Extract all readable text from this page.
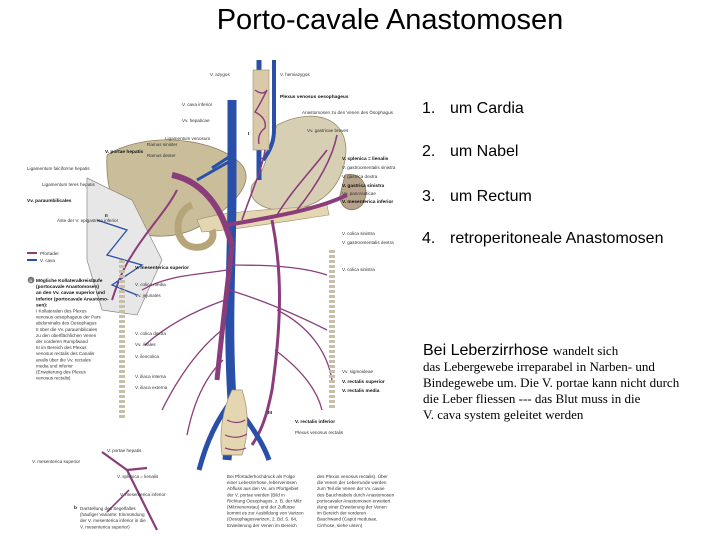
Porto-cavale Anastomosen
I
II
III
V. azygos	V. hemiazygos
V. cava inferior
Vv. hepaticae
Plexus venosus oesophageus
Anastomosen zu den Venen des Ösophagus
Vv. gastricae breves
Ligamentum venosum
V. portae hepatis
Ramus sinister
Ramus dexter
Ligamentum falciforme hepatis
Ligamentum teres hepatis
Vv. paraumbilicales
V. splenica = lienalis
V. gastroomentalis sinistra
V. gastrica dextra
V. gastrica sinistra
Vv. pancreaticae
V. mesenterica inferior
Äste der V. epigastrica inferior
V. colica sinistra
V. gastroomentalis dextra
V. colica sinistra
Pfortader
V. cava
V. mesenterica superior
V. colica media
Vv. jejunales
V. colica dextra
Vv. ileales
V. ileocolica
Vv. sigmoideae
V. iliaca interna
V. rectalis superior
V. iliaca externa
V. rectalis media
V. rectalis inferior
Plexus venosus rectalis
a Mögliche Kollateralkreisläufe
(portocavale Anastomosen)
an den Vv. cavae superior und
inferior (portocavale Anastomo-
sen):
I Kollateralen des Plexus
venosus oesophageus der Pars
abdominalis des Oesophagus
II über die Vv. paraumbilicales
zu den oberflächlichen Venen
der vorderen Rumpfwand
III im Bereich des Plexus
venosus rectalis des Canalis
analis über die Vv. rectales
media und inferior
(Erweiterung des Plexus
venosus rectalis)
V. portae hepatis
V. mesenterica superior
V. splenica = lienalis
V. mesenterica inferior
b Darstellung des Segelfalles
(häufiger Variante: Einmündung
der V. mesenterica inferior in die
V. mesenterica superior)
Bei Pfortaderhochdruck als Folge
einer Leberzirrhose, lebervenösen
Abfluss aus den Vv. am Pfortgebiet
der V. portae werden (Bild in
Richtung Oesophagus, z. B. der Milz
(Milzvenenstau) und der Zuflüsse
kommt es zur Ausbildung von Varizen
(Oesophagusvarizen, 2. Bd. S. 84,
Erweiterung der Venen im Bereich
des Plexus venosus rectalis). Über
die Venen der Leberrunde werden
zum Teil die Venen der Vv. cavae
des Bauchnabels durch Anastomosen
portocavaler Anastomosen erweitert
dung einer Erweiterung der Venen
im Bereich der vorderen
Bauchwand (Caput medusae,
Cirrhose, siehe unten)
1. um Cardia
2. um Nabel
3. um Rectum
4. retroperitoneale Anastomosen
Bei Leberzirrhose wandelt sich
das Lebergewebe irreparabel in Narben- und
Bindegewebe um. Die V. portae kann nicht durch
die Leber fliessen --- das Blut muss in die
V. cava system geleitet werden
